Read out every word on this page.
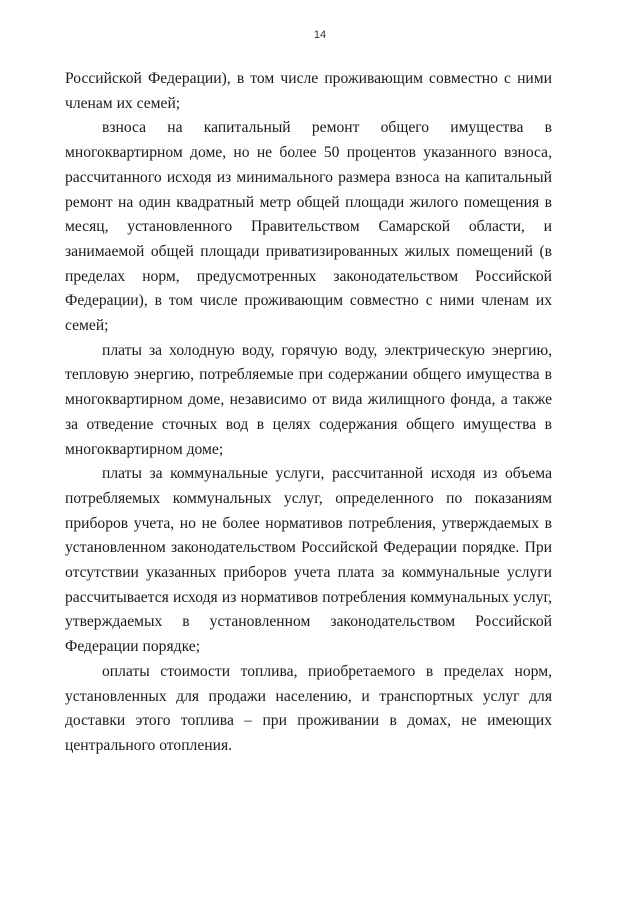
14

Российской Федерации), в том числе проживающим совместно с ними членам их семей;

взноса на капитальный ремонт общего имущества в многоквартирном доме, но не более 50 процентов указанного взноса, рассчитанного исходя из минимального размера взноса на капитальный ремонт на один квадратный метр общей площади жилого помещения в месяц, установленного Правительством Самарской области, и занимаемой общей площади приватизированных жилых помещений (в пределах норм, предусмотренных законодательством Российской Федерации), в том числе проживающим совместно с ними членам их семей;

платы за холодную воду, горячую воду, электрическую энергию, тепловую энергию, потребляемые при содержании общего имущества в многоквартирном доме, независимо от вида жилищного фонда, а также за отведение сточных вод в целях содержания общего имущества в многоквартирном доме;

платы за коммунальные услуги, рассчитанной исходя из объема потребляемых коммунальных услуг, определенного по показаниям приборов учета, но не более нормативов потребления, утверждаемых в установленном законодательством Российской Федерации порядке. При отсутствии указанных приборов учета плата за коммунальные услуги рассчитывается исходя из нормативов потребления коммунальных услуг, утверждаемых в установленном законодательством Российской Федерации порядке;

оплаты стоимости топлива, приобретаемого в пределах норм, установленных для продажи населению, и транспортных услуг для доставки этого топлива – при проживании в домах, не имеющих центрального отопления.
